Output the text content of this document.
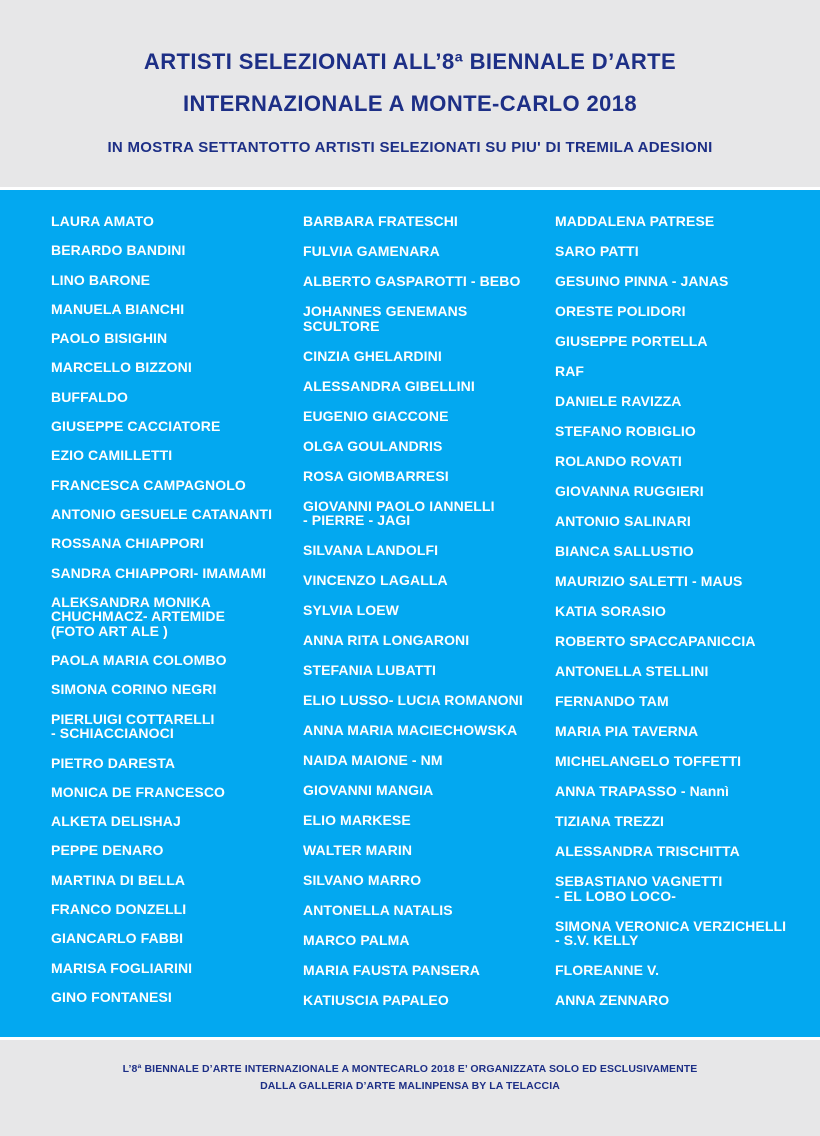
ARTISTI SELEZIONATI ALL’8ª BIENNALE D’ARTE
INTERNAZIONALE A MONTE-CARLO 2018
IN MOSTRA SETTANTOTTO ARTISTI SELEZIONATI SU PIU' DI TREMILA ADESIONI
LAURA AMATO
BERARDO BANDINI
LINO BARONE
MANUELA BIANCHI
PAOLO BISIGHIN
MARCELLO BIZZONI
BUFFALDO
GIUSEPPE CACCIATORE
EZIO CAMILLETTI
FRANCESCA CAMPAGNOLO
ANTONIO GESUELE CATANANTI
ROSSANA CHIAPPORI
SANDRA CHIAPPORI- IMAMAMI
ALEKSANDRA MONIKA
CHUCHMACZ- ARTEMIDE
(FOTO ART ALE )
PAOLA MARIA COLOMBO
SIMONA CORINO NEGRI
PIERLUIGI COTTARELLI
- SCHIACCIANOCI
PIETRO DARESTA
MONICA DE FRANCESCO
ALKETA DELISHAJ
PEPPE DENARO
MARTINA DI BELLA
FRANCO DONZELLI
GIANCARLO FABBI
MARISA FOGLIARINI
GINO FONTANESI
BARBARA FRATESCHI
FULVIA GAMENARA
ALBERTO GASPAROTTI - BEBO
JOHANNES GENEMANS
SCULTORE
CINZIA GHELARDINI
ALESSANDRA GIBELLINI
EUGENIO GIACCONE
OLGA GOULANDRIS
ROSA GIOMBARRESI
GIOVANNI PAOLO IANNELLI
- PIERRE - JAGI
SILVANA LANDOLFI
VINCENZO LAGALLA
SYLVIA LOEW
ANNA RITA LONGARONI
STEFANIA LUBATTI
ELIO LUSSO- LUCIA ROMANONI
ANNA MARIA MACIECHOWSKA
NAIDA MAIONE - NM
GIOVANNI MANGIA
ELIO MARKESE
WALTER MARIN
SILVANO MARRO
ANTONELLA NATALIS
MARCO PALMA
MARIA FAUSTA PANSERA
KATIUSCIA PAPALEO
MADDALENA PATRESE
SARO PATTI
GESUINO PINNA - JANAS
ORESTE POLIDORI
GIUSEPPE PORTELLA
RAF
DANIELE RAVIZZA
STEFANO ROBIGLIO
ROLANDO ROVATI
GIOVANNA RUGGIERI
ANTONIO SALINARI
BIANCA SALLUSTIO
MAURIZIO SALETTI - MAUS
KATIA SORASIO
ROBERTO SPACCAPANICCIA
ANTONELLA STELLINI
FERNANDO TAM
MARIA PIA TAVERNA
MICHELANGELO TOFFETTI
ANNA TRAPASSO - Nannì
TIZIANA TREZZI
ALESSANDRA TRISCHITTA
SEBASTIANO VAGNETTI
- EL LOBO LOCO-
SIMONA VERONICA VERZICHELLI
- S.V. KELLY
FLOREANNE V.
ANNA ZENNARO
L’8ª BIENNALE D’ARTE INTERNAZIONALE A MONTECARLO 2018 E’ ORGANIZZATA SOLO ED ESCLUSIVAMENTE
DALLA GALLERIA D’ARTE MALINPENSA BY LA TELACCIA
